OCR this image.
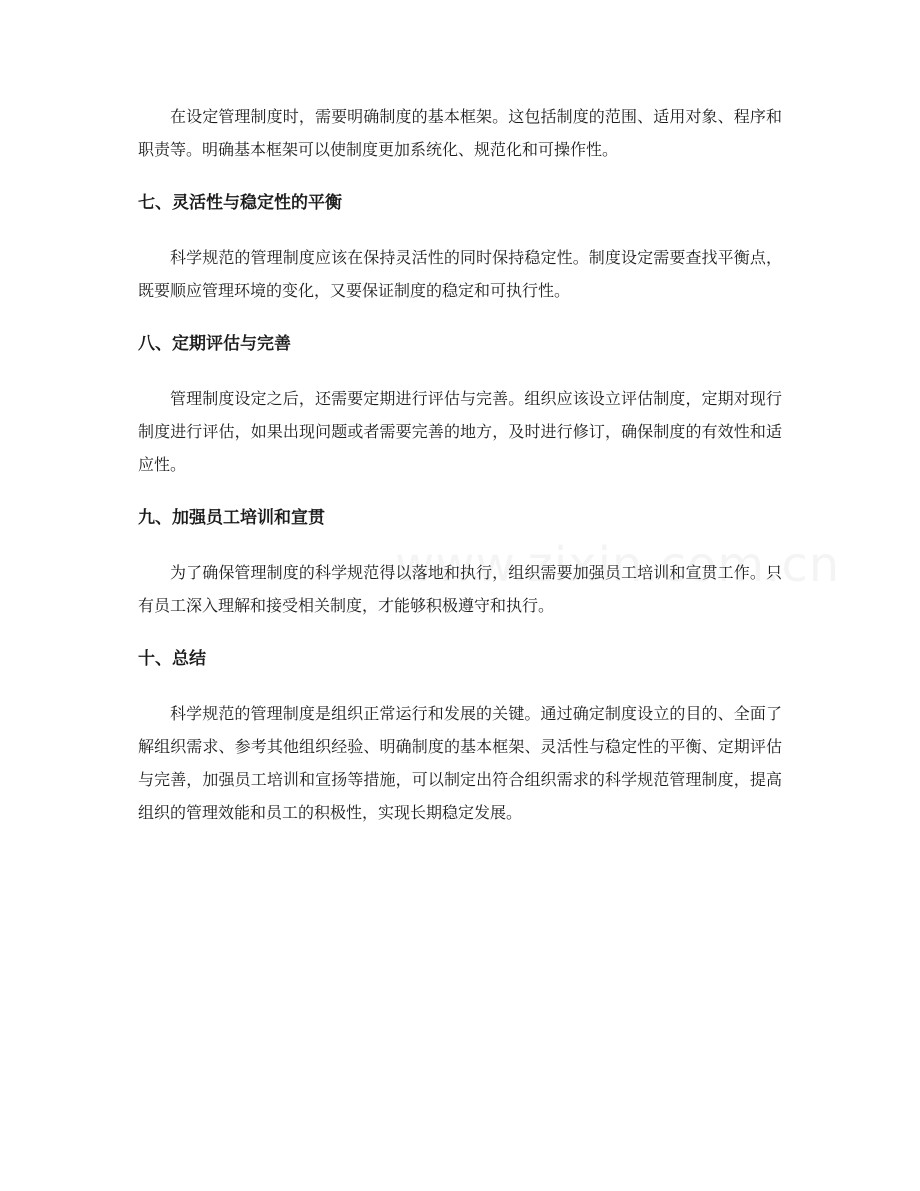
在设定管理制度时，需要明确制度的基本框架。这包括制度的范围、适用对象、程序和职责等。明确基本框架可以使制度更加系统化、规范化和可操作性。

七、灵活性与稳定性的平衡

科学规范的管理制度应该在保持灵活性的同时保持稳定性。制度设定需要查找平衡点，既要顺应管理环境的变化，又要保证制度的稳定和可执行性。

八、定期评估与完善

管理制度设定之后，还需要定期进行评估与完善。组织应该设立评估制度，定期对现行制度进行评估，如果出现问题或者需要完善的地方，及时进行修订，确保制度的有效性和适应性。

九、加强员工培训和宣贯

为了确保管理制度的科学规范得以落地和执行，组织需要加强员工培训和宣贯工作。只有员工深入理解和接受相关制度，才能够积极遵守和执行。

十、总结

科学规范的管理制度是组织正常运行和发展的关键。通过确定制度设立的目的、全面了解组织需求、参考其他组织经验、明确制度的基本框架、灵活性与稳定性的平衡、定期评估与完善，加强员工培训和宣扬等措施，可以制定出符合组织需求的科学规范管理制度，提高组织的管理效能和员工的积极性，实现长期稳定发展。
